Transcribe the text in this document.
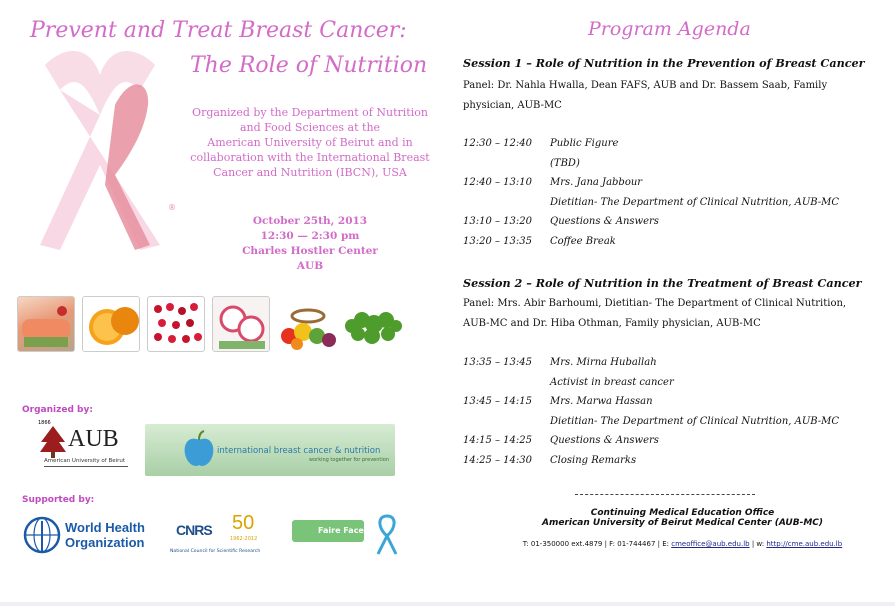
Prevent and Treat Breast Cancer:
The Role of Nutrition
®
Organized by the Department of Nutrition
and Food Sciences at the
American University of Beirut and in
collaboration with the International Breast
Cancer and Nutrition (IBCN), USA
October 25th, 2013
12:30 — 2:30 pm
Charles Hostler Center
AUB
Organized by:
1866
AUB
American University of Beirut
international breast cancer & nutrition
working together for prevention
Supported by:
World Health
Organization
CNRS 50
1962-2012
National Council for Scientific Research
Faire Face
Program Agenda
Session 1 – Role of Nutrition in the Prevention of Breast Cancer
Panel: Dr. Nahla Hwalla, Dean FAFS, AUB and Dr. Bassem Saab, Family
physician, AUB-MC
12:30 – 12:40 Public Figure
(TBD)
12:40 – 13:10 Mrs. Jana Jabbour
Dietitian- The Department of Clinical Nutrition, AUB-MC
13:10 – 13:20 Questions & Answers
13:20 – 13:35 Coffee Break
Session 2 – Role of Nutrition in the Treatment of Breast Cancer
Panel: Mrs. Abir Barhoumi, Dietitian- The Department of Clinical Nutrition,
AUB-MC and Dr. Hiba Othman, Family physician, AUB-MC
13:35 – 13:45 Mrs. Mirna Huballah
Activist in breast cancer
13:45 – 14:15 Mrs. Marwa Hassan
Dietitian- The Department of Clinical Nutrition, AUB-MC
14:15 – 14:25 Questions & Answers
14:25 – 14:30 Closing Remarks
Continuing Medical Education Office
American University of Beirut Medical Center (AUB-MC)
T: 01-350000 ext.4879 | F: 01-744467 | E: cmeoffice@aub.edu.lb | w: http://cme.aub.edu.lb
